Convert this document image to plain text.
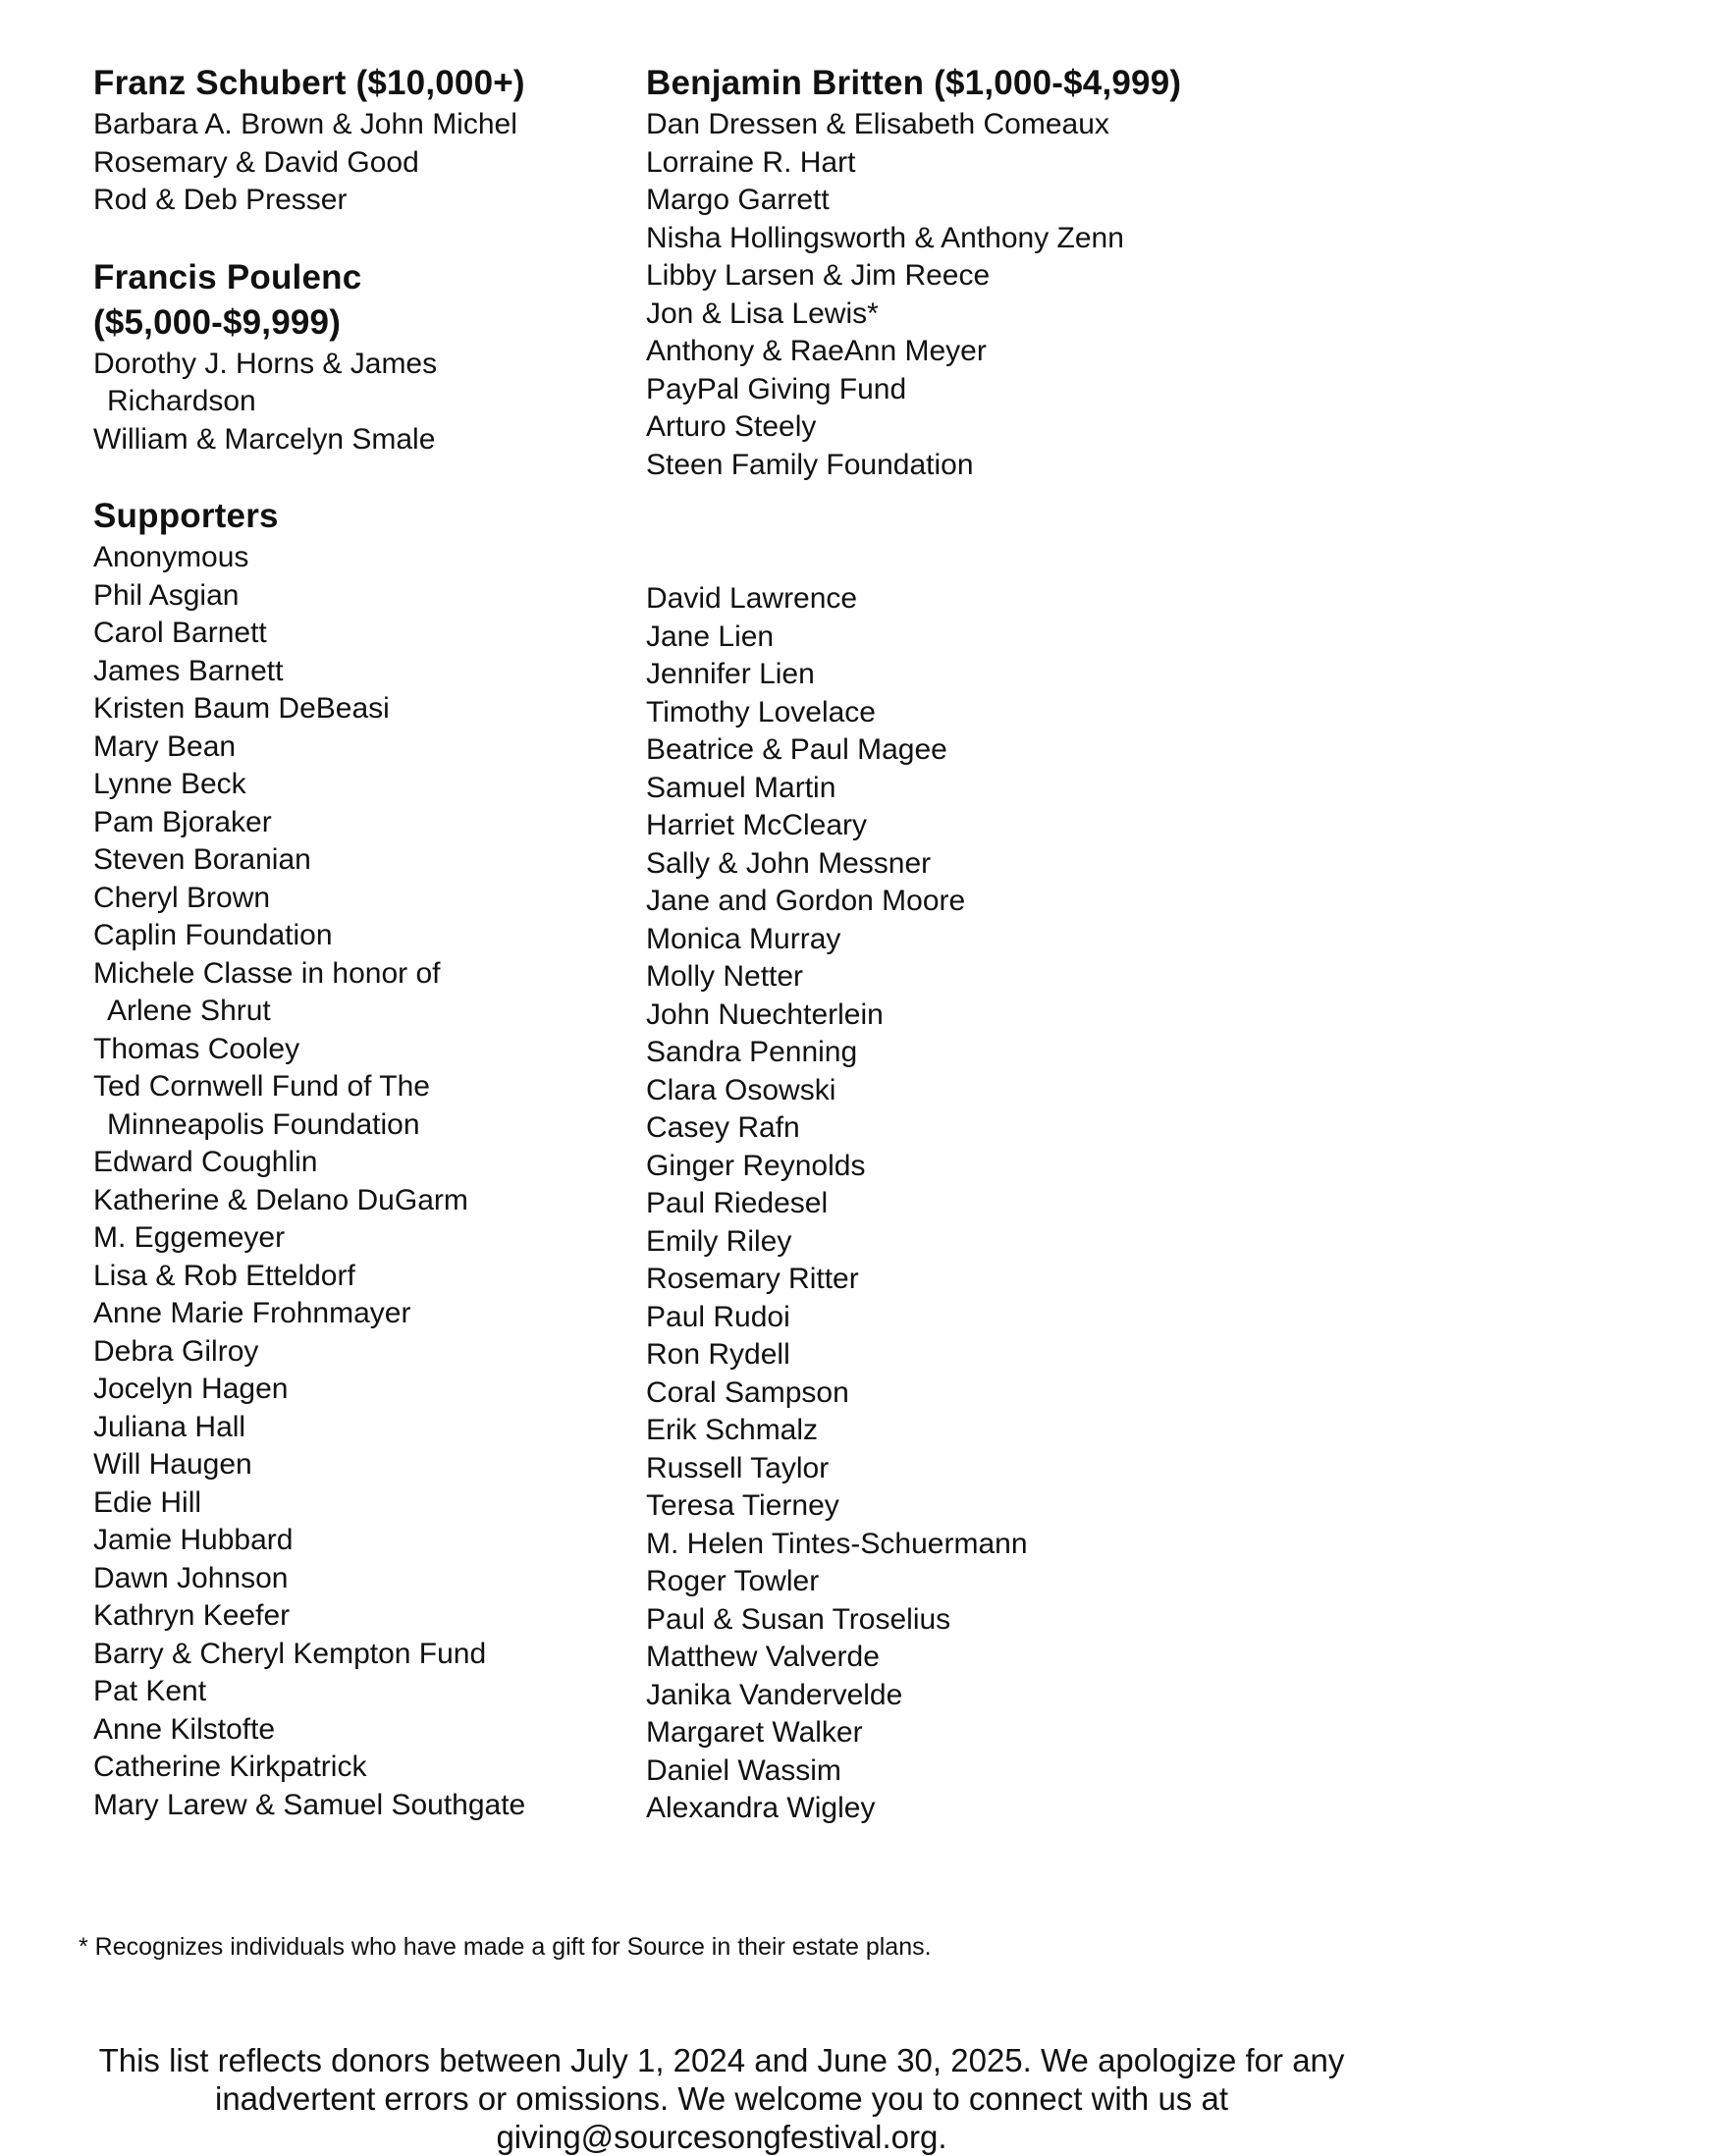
Franz Schubert ($10,000+)
Barbara A. Brown & John Michel
Rosemary & David Good
Rod & Deb Presser
Francis Poulenc
($5,000-$9,999)
Dorothy J. Horns & James
Richardson
William & Marcelyn Smale
Supporters
Anonymous
Phil Asgian
Carol Barnett
James Barnett
Kristen Baum DeBeasi
Mary Bean
Lynne Beck
Pam Bjoraker
Steven Boranian
Cheryl Brown
Caplin Foundation
Michele Classe in honor of
Arlene Shrut
Thomas Cooley
Ted Cornwell Fund of The
Minneapolis Foundation
Edward Coughlin
Katherine & Delano DuGarm
M. Eggemeyer
Lisa & Rob Etteldorf
Anne Marie Frohnmayer
Debra Gilroy
Jocelyn Hagen
Juliana Hall
Will Haugen
Edie Hill
Jamie Hubbard
Dawn Johnson
Kathryn Keefer
Barry & Cheryl Kempton Fund
Pat Kent
Anne Kilstofte
Catherine Kirkpatrick
Mary Larew & Samuel Southgate
Benjamin Britten ($1,000-$4,999)
Dan Dressen & Elisabeth Comeaux
Lorraine R. Hart
Margo Garrett
Nisha Hollingsworth & Anthony Zenn
Libby Larsen & Jim Reece
Jon & Lisa Lewis*
Anthony & RaeAnn Meyer
PayPal Giving Fund
Arturo Steely
Steen Family Foundation
David Lawrence
Jane Lien
Jennifer Lien
Timothy Lovelace
Beatrice & Paul Magee
Samuel Martin
Harriet McCleary
Sally & John Messner
Jane and Gordon Moore
Monica Murray
Molly Netter
John Nuechterlein
Sandra Penning
Clara Osowski
Casey Rafn
Ginger Reynolds
Paul Riedesel
Emily Riley
Rosemary Ritter
Paul Rudoi
Ron Rydell
Coral Sampson
Erik Schmalz
Russell Taylor
Teresa Tierney
M. Helen Tintes-Schuermann
Roger Towler
Paul & Susan Troselius
Matthew Valverde
Janika Vandervelde
Margaret Walker
Daniel Wassim
Alexandra Wigley
* Recognizes individuals who have made a gift for Source in their estate plans.
This list reflects donors between July 1, 2024 and June 30, 2025. We apologize for any
inadvertent errors or omissions. We welcome you to connect with us at
giving@sourcesongfestival.org.
